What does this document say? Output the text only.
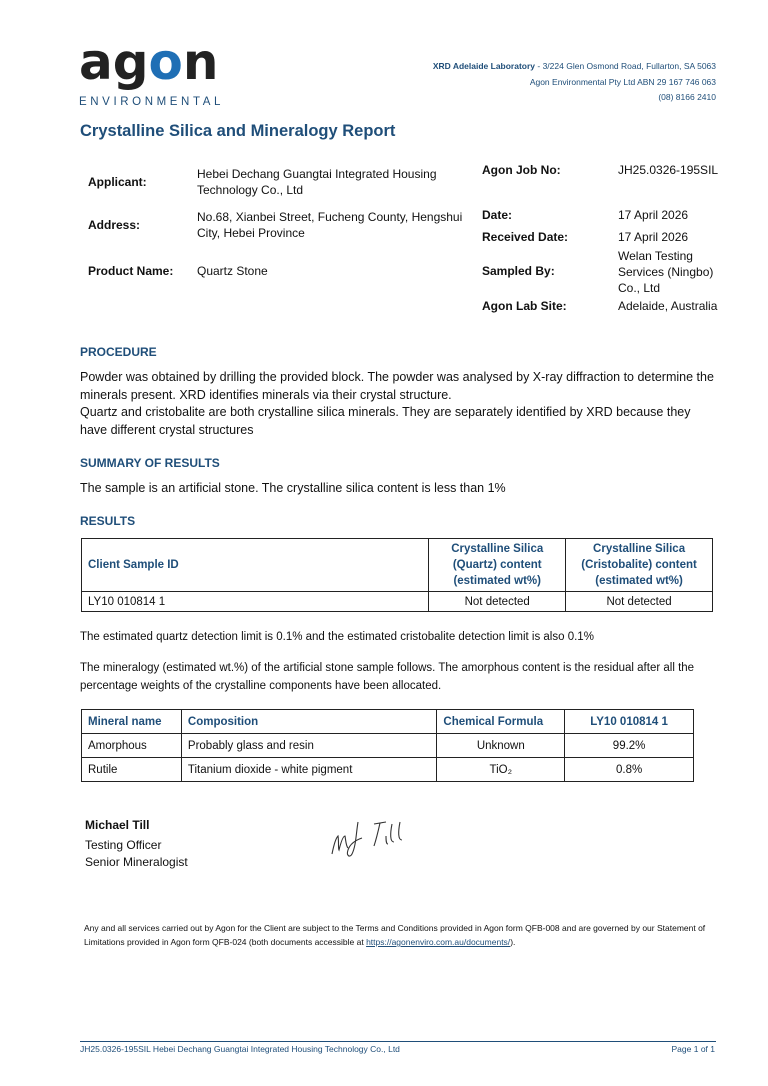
agon
ENVIRONMENTAL
XRD Adelaide Laboratory - 3/224 Glen Osmond Road, Fullarton, SA 5063
Agon Environmental Pty Ltd ABN 29 167 746 063
(08) 8166 2410
Crystalline Silica and Mineralogy Report
Applicant:
Hebei Dechang Guangtai Integrated Housing Technology Co., Ltd
Address:
No.68, Xianbei Street, Fucheng County, Hengshui City, Hebei Province
Product Name: Quartz Stone
Agon Job No:	JH25.0326-195SIL
Date:	17 April 2026
Received Date:	17 April 2026
Sampled By:
Welan Testing Services (Ningbo) Co., Ltd
Agon Lab Site:	Adelaide, Australia
PROCEDURE
Powder was obtained by drilling the provided block. The powder was analysed by X-ray diffraction to determine the minerals present. XRD identifies minerals via their crystal structure.
Quartz and cristobalite are both crystalline silica minerals. They are separately identified by XRD because they have different crystal structures
SUMMARY OF RESULTS
The sample is an artificial stone. The crystalline silica content is less than 1%
RESULTS
Client Sample ID	Crystalline Silica (Quartz) content (estimated wt%)	Crystalline Silica (Cristobalite) content (estimated wt%)
LY10 010814 1	Not detected	Not detected
The estimated quartz detection limit is 0.1% and the estimated cristobalite detection limit is also 0.1%
The mineralogy (estimated wt.%) of the artificial stone sample follows. The amorphous content is the residual after all the percentage weights of the crystalline components have been allocated.
Mineral name	Composition	Chemical Formula	LY10 010814 1
Amorphous	Probably glass and resin	Unknown	99.2%
Rutile	Titanium dioxide - white pigment	TiO₂	0.8%
Michael Till
Testing Officer
Senior Mineralogist
Any and all services carried out by Agon for the Client are subject to the Terms and Conditions provided in Agon form QFB-008 and are governed by our Statement of Limitations provided in Agon form QFB-024 (both documents accessible at https://agonenviro.com.au/documents/).
JH25.0326-195SIL Hebei Dechang Guangtai Integrated Housing Technology Co., Ltd	Page 1 of 1
